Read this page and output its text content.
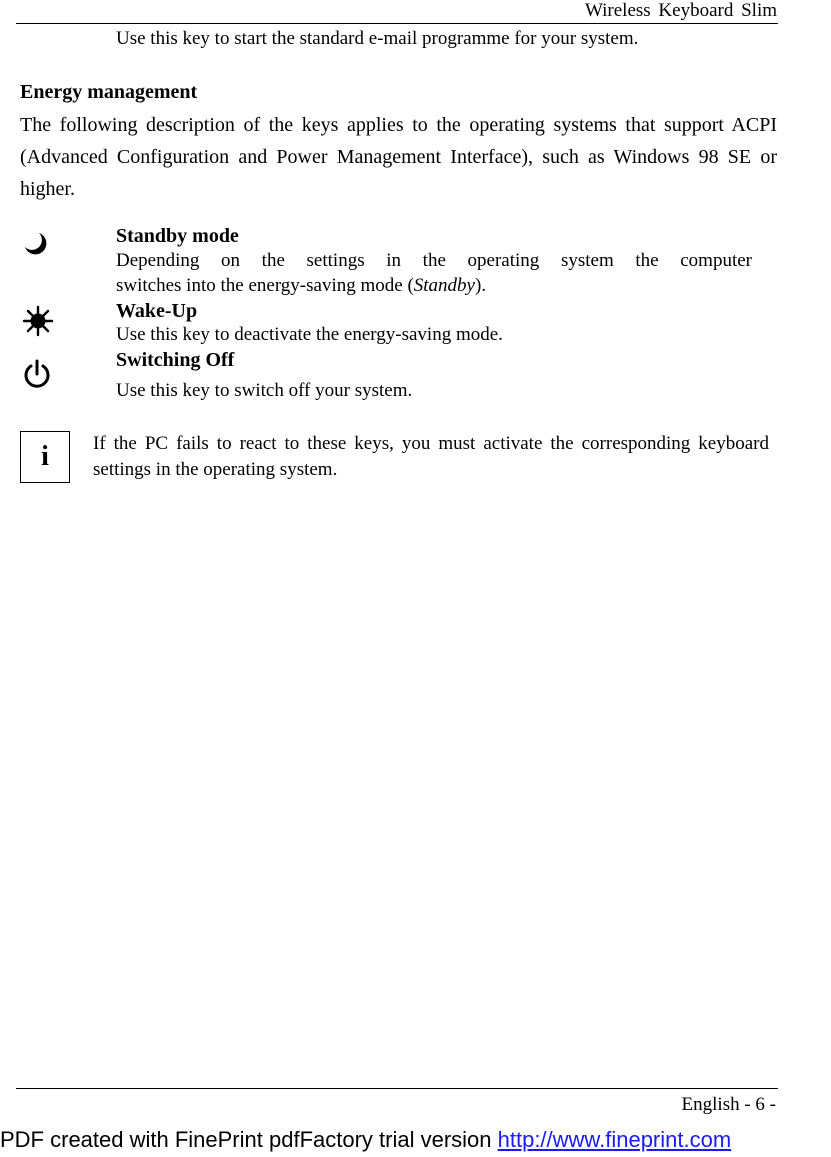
Wireless Keyboard Slim
Use this key to start the standard e-mail programme for your system.
Energy management
The following description of the keys applies to the operating systems that support ACPI (Advanced Configuration and Power Management Interface), such as Windows 98 SE or higher.
Standby mode
Depending on the settings in the operating system the computer
switches into the energy-saving mode (Standby).
Wake-Up
Use this key to deactivate the energy-saving mode.
Switching Off
Use this key to switch off your system.
i	If the PC fails to react to these keys, you must activate the corresponding keyboard settings in the operating system.
English - 6 -
PDF created with FinePrint pdfFactory trial version http://www.fineprint.com
